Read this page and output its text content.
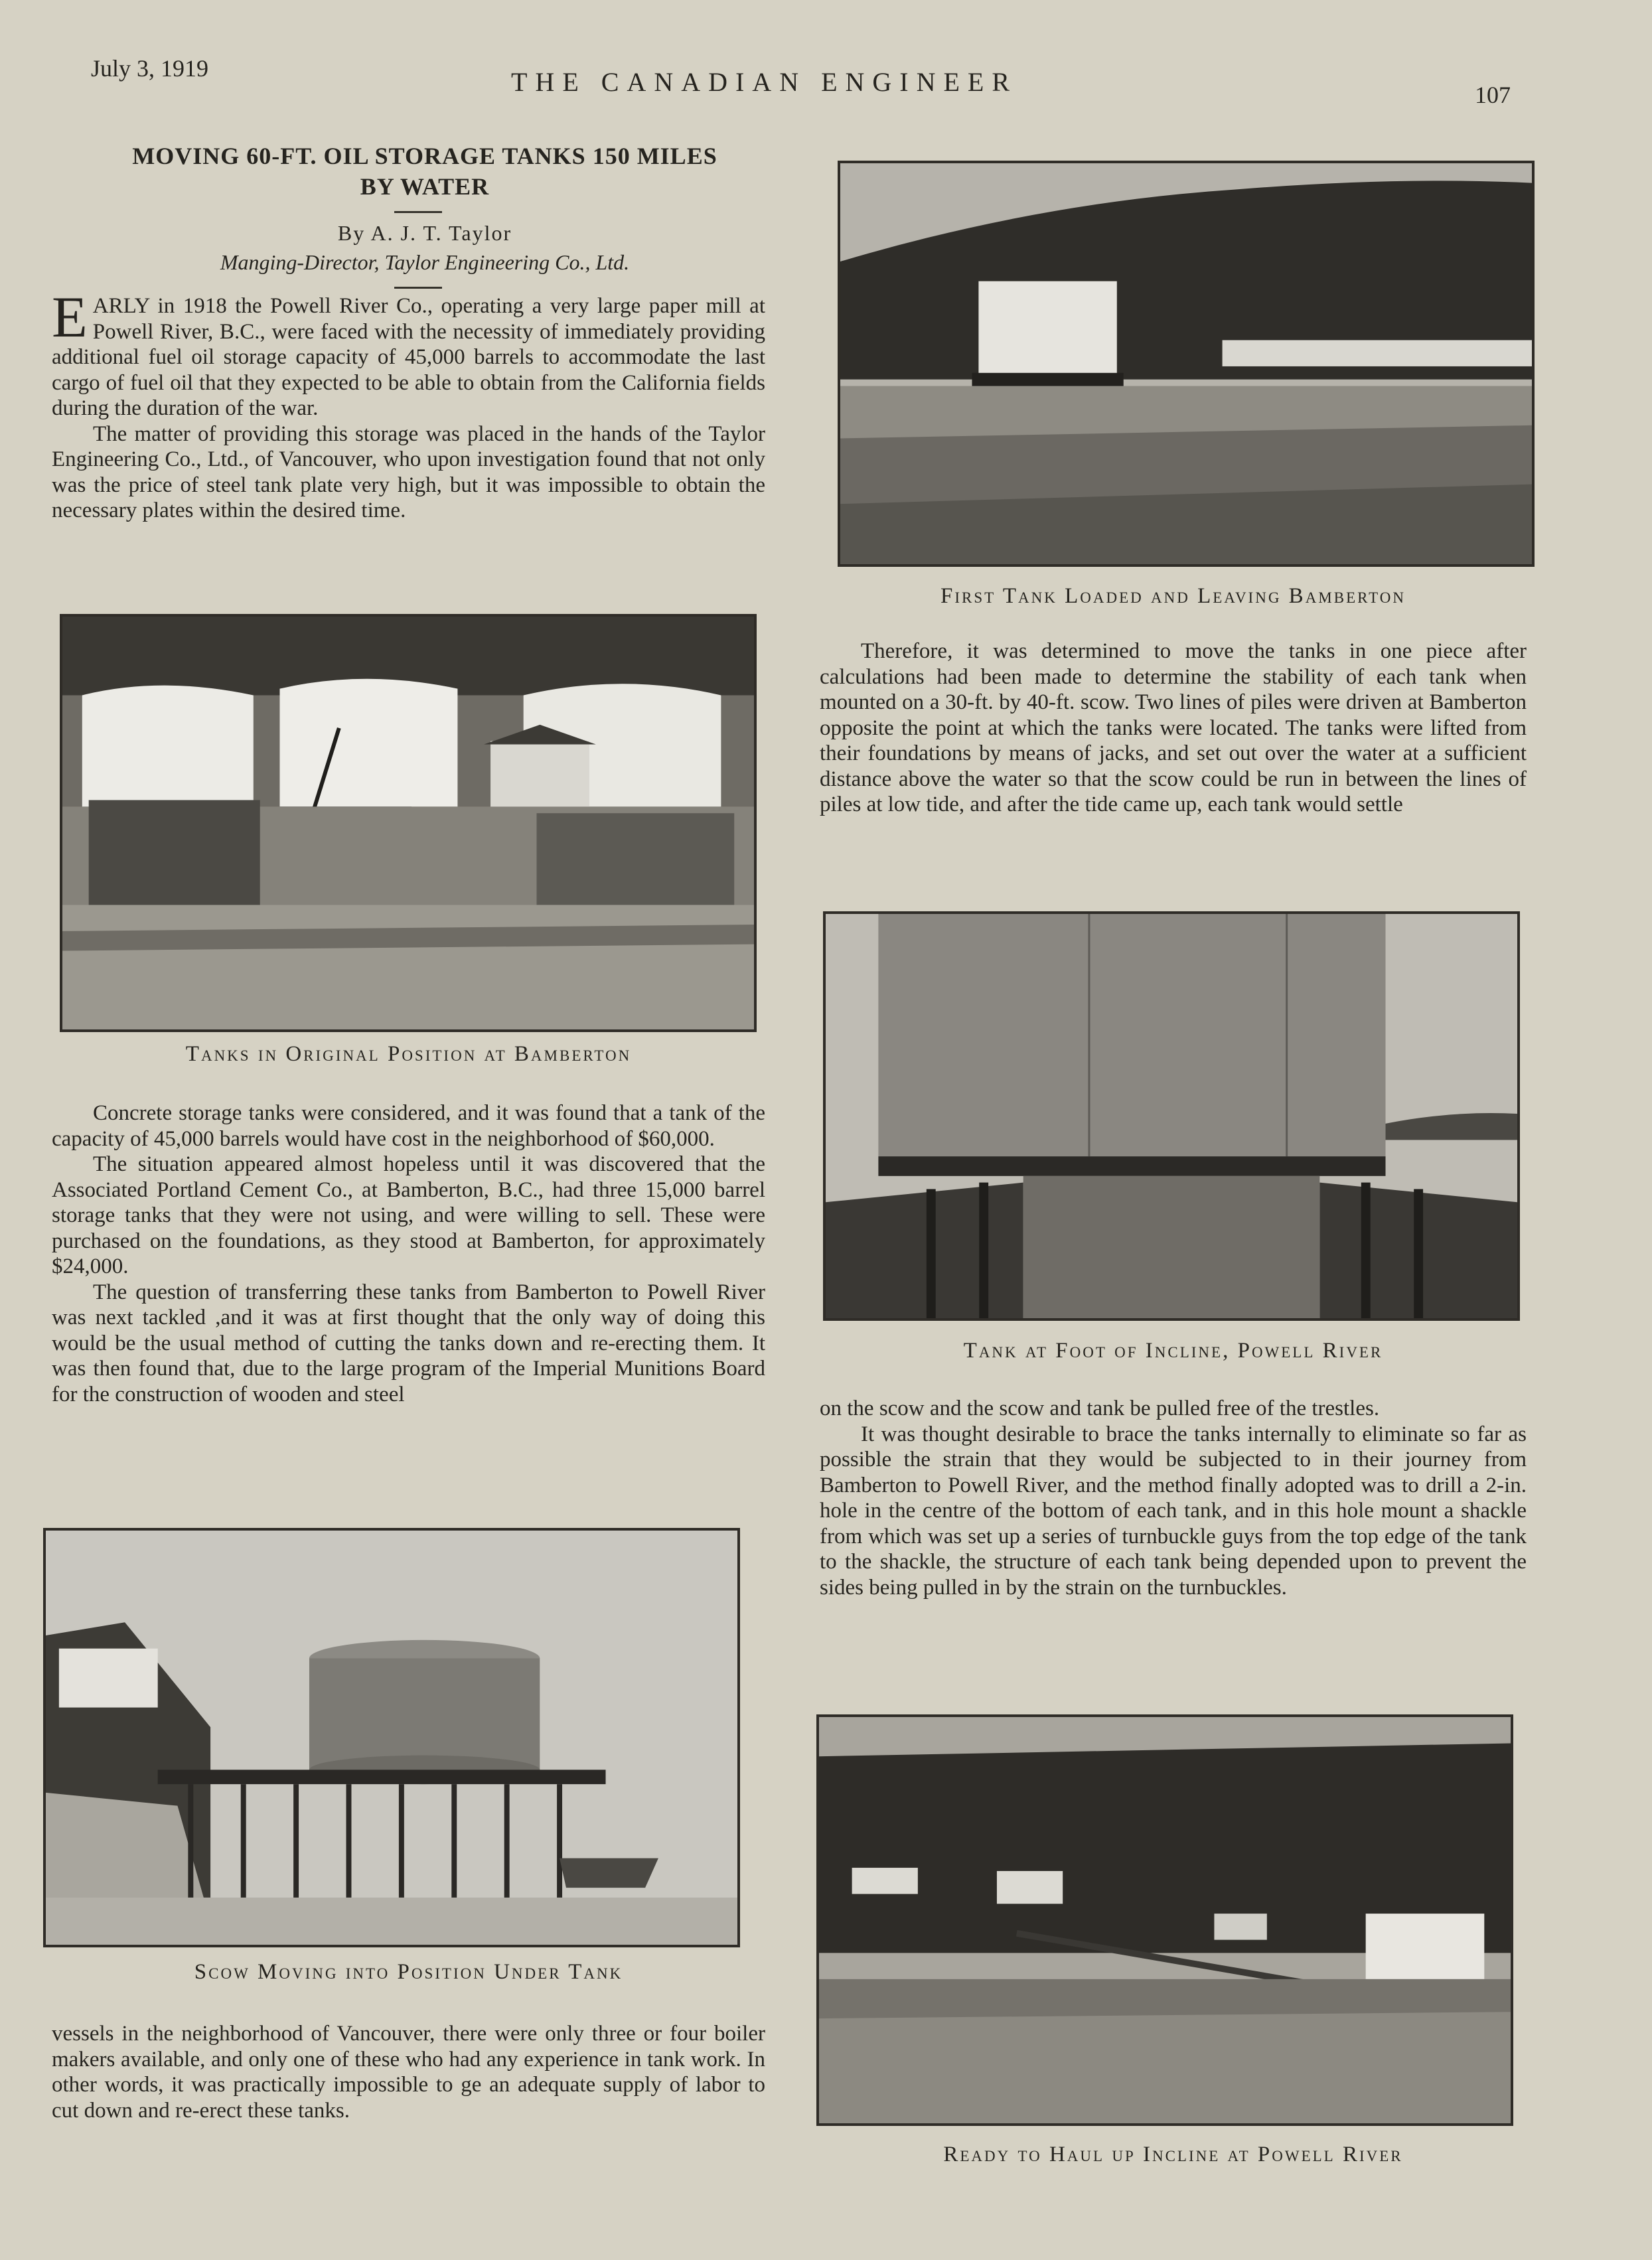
July 3, 1919	THE CANADIAN ENGINEER	107
MOVING 60-FT. OIL STORAGE TANKS 150 MILES
BY WATER
By A. J. T. Taylor
Manging-Director, Taylor Engineering Co., Ltd.

EARLY in 1918 the Powell River Co., operating a very large paper mill at Powell River, B.C., were faced with the necessity of immediately providing additional fuel oil storage capacity of 45,000 barrels to accommodate the last cargo of fuel oil that they expected to be able to obtain from the California fields during the duration of the war.

The matter of providing this storage was placed in the hands of the Taylor Engineering Co., Ltd., of Vancouver, who upon investigation found that not only was the price of steel tank plate very high, but it was impossible to obtain the necessary plates within the desired time.

Tanks in Original Position at Bamberton

Concrete storage tanks were considered, and it was found that a tank of the capacity of 45,000 barrels would have cost in the neighborhood of $60,000.

The situation appeared almost hopeless until it was discovered that the Associated Portland Cement Co., at Bamberton, B.C., had three 15,000 barrel storage tanks that they were not using, and were willing to sell. These were purchased on the foundations, as they stood at Bamberton, for approximately $24,000.

The question of transferring these tanks from Bamberton to Powell River was next tackled ,and it was at first thought that the only way of doing this would be the usual method of cutting the tanks down and re-erecting them. It was then found that, due to the large program of the Imperial Munitions Board for the construction of wooden and steel

Scow Moving into Position Under Tank

vessels in the neighborhood of Vancouver, there were only three or four boiler makers available, and only one of these who had any experience in tank work. In other words, it was practically impossible to ge an adequate supply of labor to cut down and re-erect these tanks.

First Tank Loaded and Leaving Bamberton

Therefore, it was determined to move the tanks in one piece after calculations had been made to determine the stability of each tank when mounted on a 30-ft. by 40-ft. scow. Two lines of piles were driven at Bamberton opposite the point at which the tanks were located. The tanks were lifted from their foundations by means of jacks, and set out over the water at a sufficient distance above the water so that the scow could be run in between the lines of piles at low tide, and after the tide came up, each tank would settle

Tank at Foot of Incline, Powell River

on the scow and the scow and tank be pulled free of the trestles.

It was thought desirable to brace the tanks internally to eliminate so far as possible the strain that they would be subjected to in their journey from Bamberton to Powell River, and the method finally adopted was to drill a 2-in. hole in the centre of the bottom of each tank, and in this hole mount a shackle from which was set up a series of turnbuckle guys from the top edge of the tank to the shackle, the structure of each tank being depended upon to prevent the sides being pulled in by the strain on the turnbuckles.

Ready to Haul up Incline at Powell River
